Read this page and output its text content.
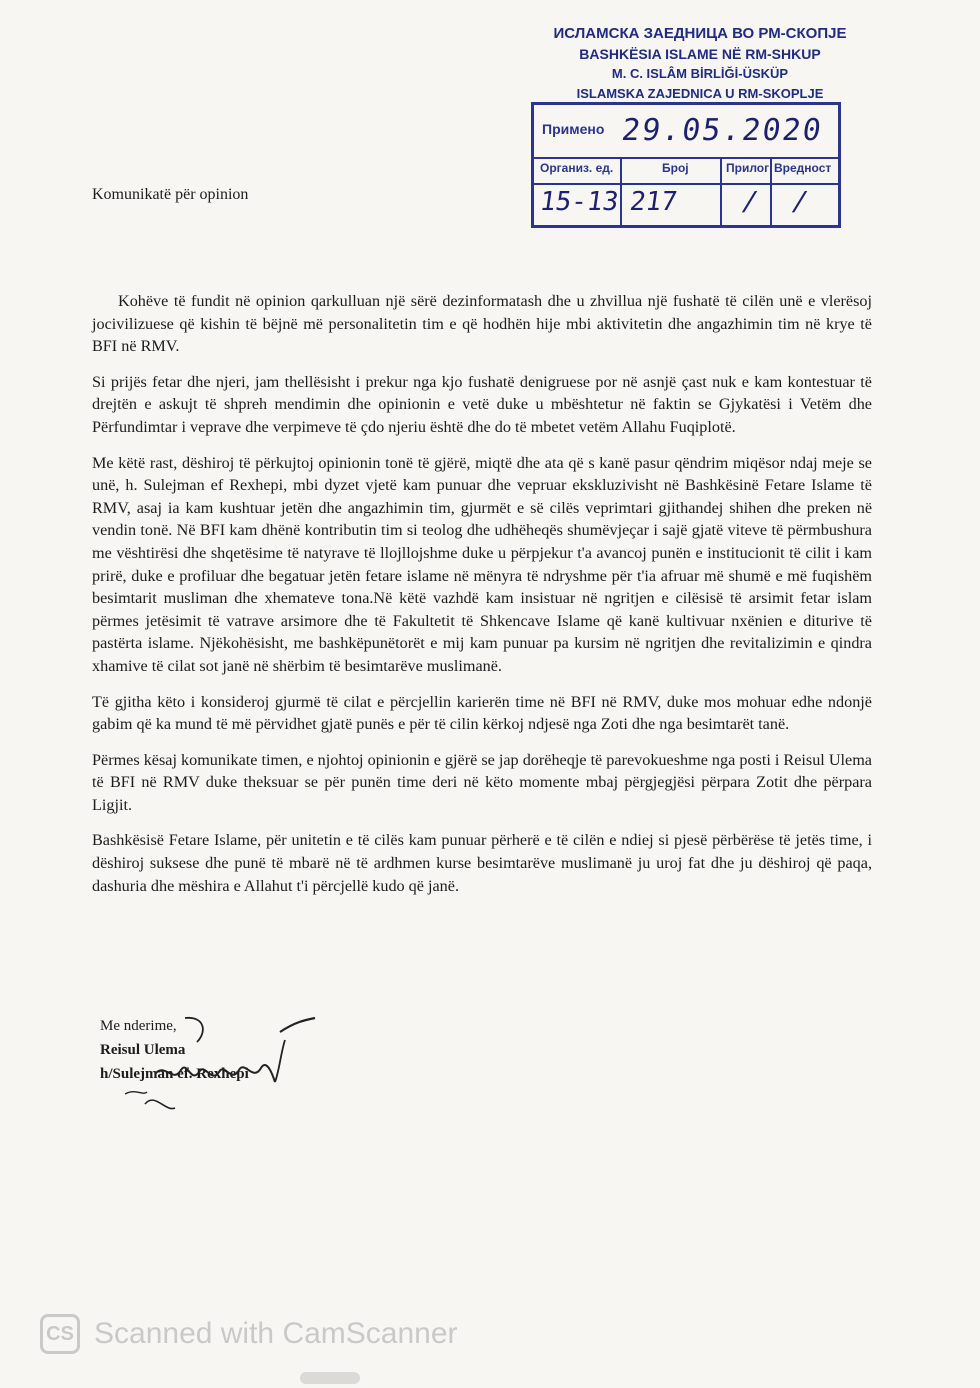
ИСЛАМСКА ЗАЕДНИЦА ВО РМ-СКОПЈЕ
BASHKËSIA ISLAME NË RM-SHKUP
M. C. ISLÂM BİRLİĞİ-ÜSKÜP
ISLAMSKA ZAJEDNICA U RM-SKOPLJE
Примено 29.05.2020
Организ. ед.	Број	Прилог Вредност
15-13 217 / /
Komunikatë për opinion

Kohëve të fundit në opinion qarkulluan një sërë dezinformatash dhe u zhvillua një fushatë të cilën unë e vlerësoj jocivilizuese që kishin të bëjnë më personalitetin tim e që hodhën hije mbi aktivitetin dhe angazhimin tim në krye të BFI në RMV.

Si prijës fetar dhe njeri, jam thellësisht i prekur nga kjo fushatë denigruese por në asnjë çast nuk e kam kontestuar të drejtën e askujt të shpreh mendimin dhe opinionin e vetë duke u mbështetur në faktin se Gjykatësi i Vetëm dhe Përfundimtar i veprave dhe verpimeve të çdo njeriu është dhe do të mbetet vetëm Allahu Fuqiplotë.

Me këtë rast, dëshiroj të përkujtoj opinionin tonë të gjërë, miqtë dhe ata që s kanë pasur qëndrim miqësor ndaj meje se unë, h. Sulejman ef Rexhepi, mbi dyzet vjetë kam punuar dhe vepruar ekskluzivisht në Bashkësinë Fetare Islame të RMV, asaj ia kam kushtuar jetën dhe angazhimin tim, gjurmët e së cilës veprimtari gjithandej shihen dhe preken në vendin tonë. Në BFI kam dhënë kontributin tim si teolog dhe udhëheqës shumëvjeçar i sajë gjatë viteve të përmbushura me vështirësi dhe shqetësime të natyrave të llojllojshme duke u përpjekur t'a avancoj punën e institucionit të cilit i kam prirë, duke e profiluar dhe begatuar jetën fetare islame në mënyra të ndryshme për t'ia afruar më shumë e më fuqishëm besimtarit musliman dhe xhemateve tona.Në këtë vazhdë kam insistuar në ngritjen e cilësisë të arsimit fetar islam përmes jetësimit të vatrave arsimore dhe të Fakultetit të Shkencave Islame që kanë kultivuar nxënien e diturive të pastërta islame. Njëkohësisht, me bashkëpunëtorët e mij kam punuar pa kursim në ngritjen dhe revitalizimin e qindra xhamive të cilat sot janë në shërbim të besimtarëve muslimanë.

Të gjitha këto i konsideroj gjurmë të cilat e përcjellin karierën time në BFI në RMV, duke mos mohuar edhe ndonjë gabim që ka mund të më përvidhet gjatë punës e për të cilin kërkoj ndjesë nga Zoti dhe nga besimtarët tanë.

Përmes kësaj komunikate timen, e njohtoj opinionin e gjërë se jap dorëheqje të parevokueshme nga posti i Reisul Ulema të BFI në RMV duke theksuar se për punën time deri në këto momente mbaj përgjegjësi përpara Zotit dhe përpara Ligjit.

Bashkësisë Fetare Islame, për unitetin e të cilës kam punuar përherë e të cilën e ndiej si pjesë përbërëse të jetës time, i dëshiroj suksese dhe punë të mbarë në të ardhmen kurse besimtarëve muslimanë ju uroj fat dhe ju dëshiroj që paqa, dashuria dhe mëshira e Allahut t'i përcjellë kudo që janë.

Me nderime,
Reisul Ulema
h/Sulejman ef. Rexhepi
CS Scanned with CamScanner
